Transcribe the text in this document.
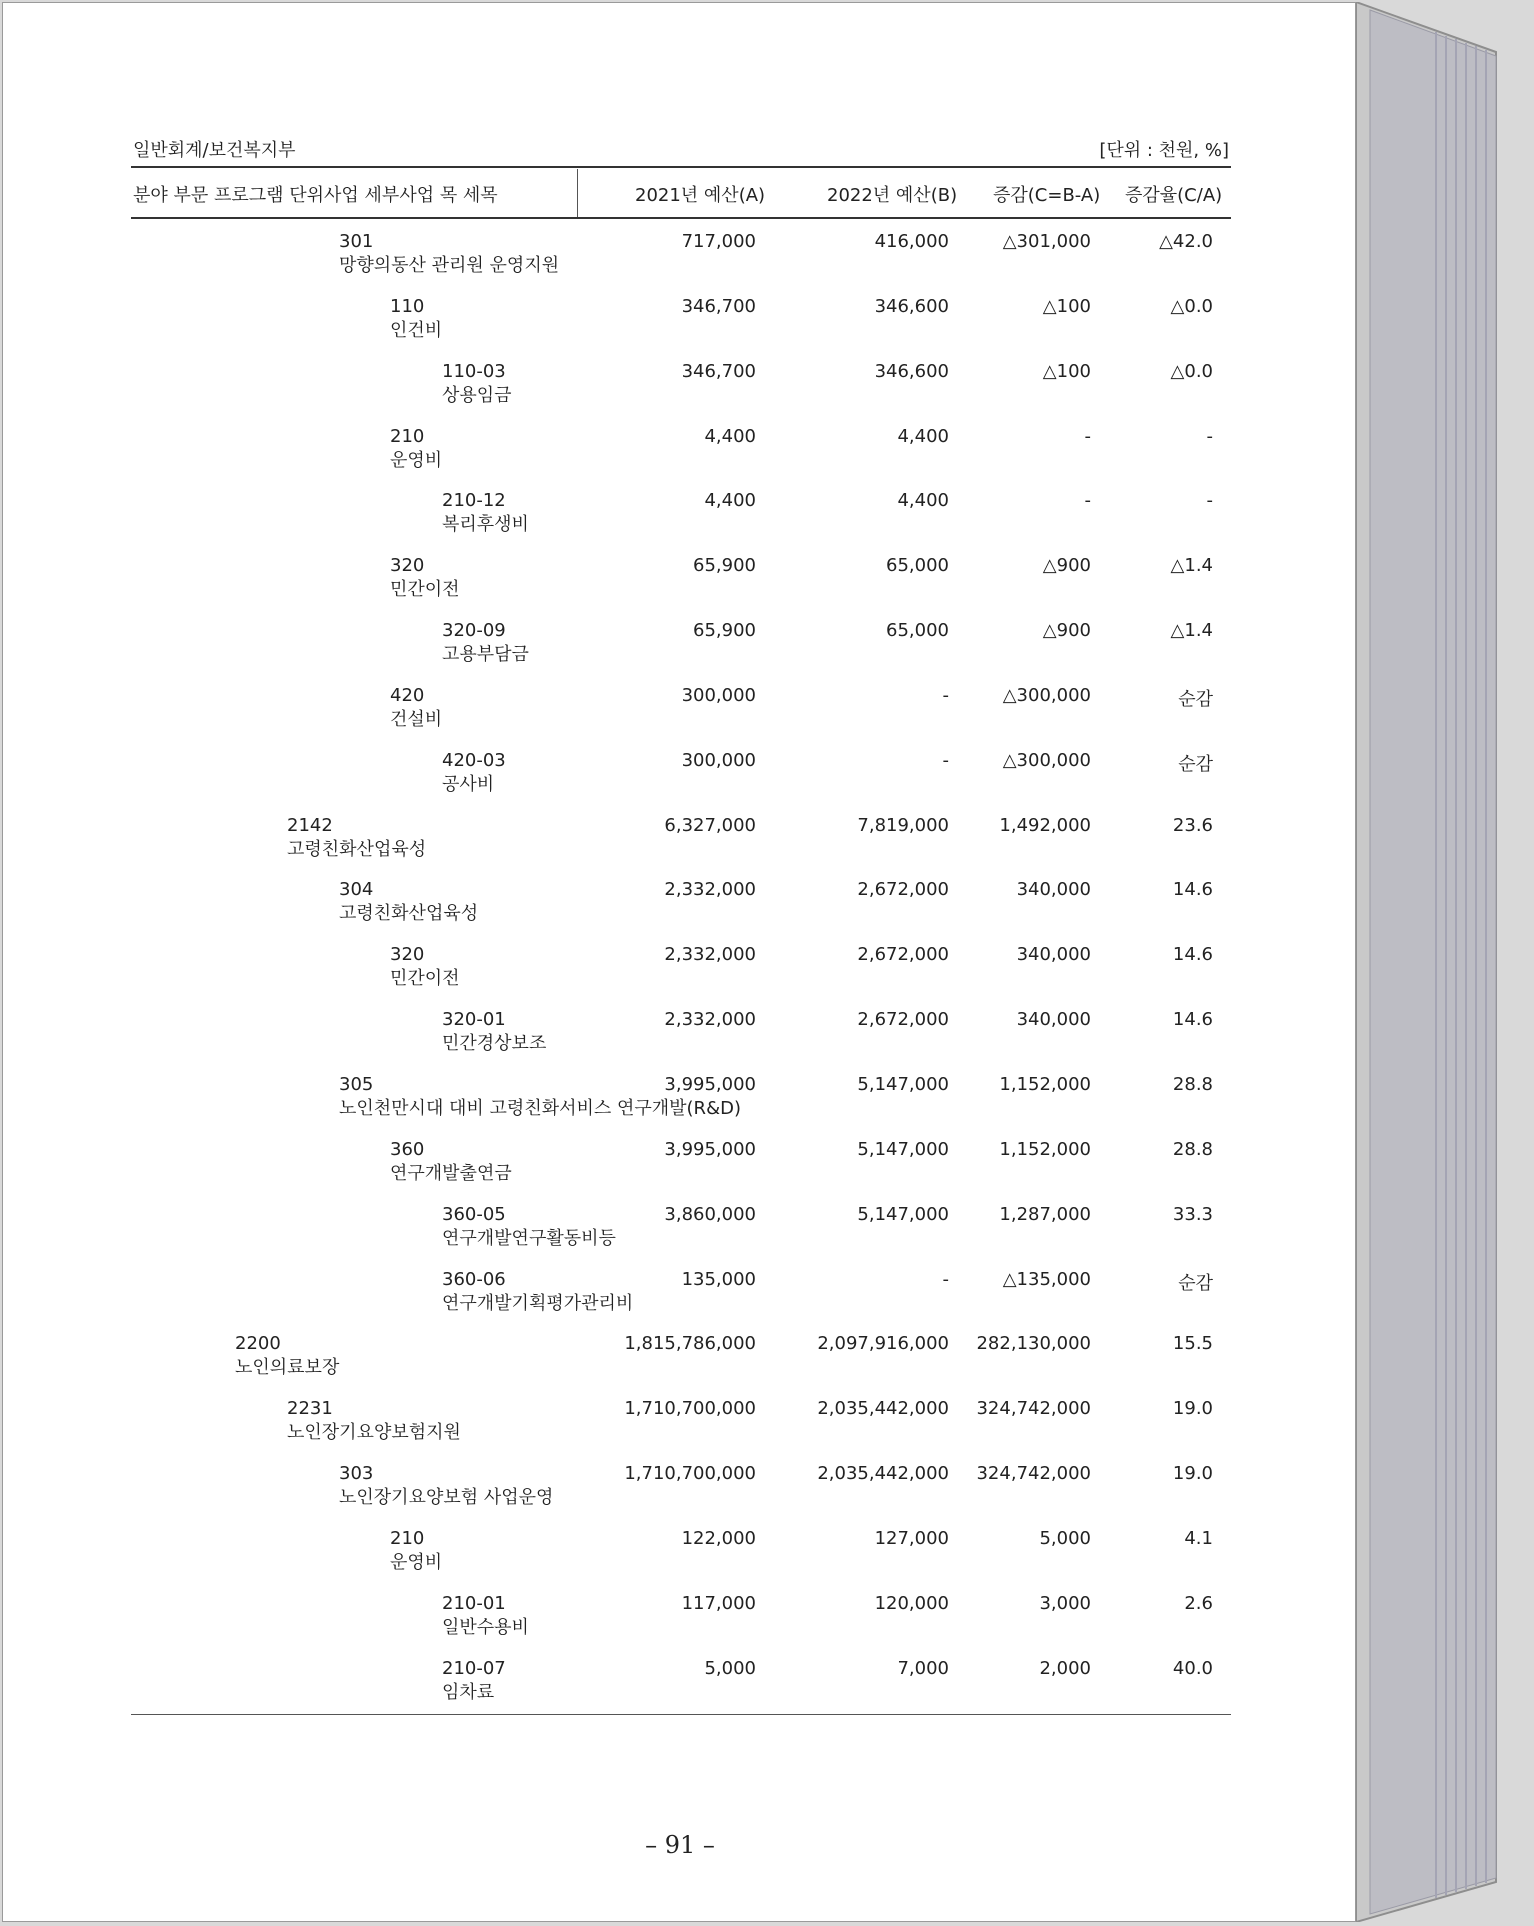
일반회계/보건복지부	[단위 : 천원, %]
분야 부문 프로그램 단위사업 세부사업 목 세목	2021년 예산(A)	2022년 예산(B) 증감(C=B-A) 증감율(C/A)
301
망향의동산 관리원 운영지원
717,000	416,000	△301,000	△42.0
110
인건비
346,700	346,600	△100	△0.0
110-03
상용임금
346,700	346,600	△100	△0.0
210
운영비
4,400	4,400	-	-
210-12
복리후생비
4,400	4,400	-	-
320
민간이전
65,900	65,000	△900	△1.4
320-09
고용부담금
65,900	65,000	△900	△1.4
420
건설비
300,000	-	△300,000	순감
420-03
공사비
300,000	-	△300,000	순감
2142
고령친화산업육성
6,327,000	7,819,000	1,492,000	23.6
304
고령친화산업육성
2,332,000	2,672,000	340,000	14.6
320
민간이전
2,332,000	2,672,000	340,000	14.6
320-01
민간경상보조
2,332,000	2,672,000	340,000	14.6
305
노인천만시대 대비 고령친화서비스 연구개발(R&D)
3,995,000	5,147,000	1,152,000	28.8
360
연구개발출연금
3,995,000	5,147,000	1,152,000	28.8
360-05
연구개발연구활동비등
3,860,000	5,147,000	1,287,000	33.3
360-06
연구개발기획평가관리비
135,000	-	△135,000	순감
2200
노인의료보장
1,815,786,000	2,097,916,000 282,130,000	15.5
2231
노인장기요양보험지원
1,710,700,000	2,035,442,000 324,742,000	19.0
303
노인장기요양보험 사업운영
1,710,700,000	2,035,442,000 324,742,000	19.0
210
운영비
122,000	127,000	5,000	4.1
210-01
일반수용비
117,000	120,000	3,000	2.6
210-07
임차료
5,000	7,000	2,000	40.0
– 91 –
